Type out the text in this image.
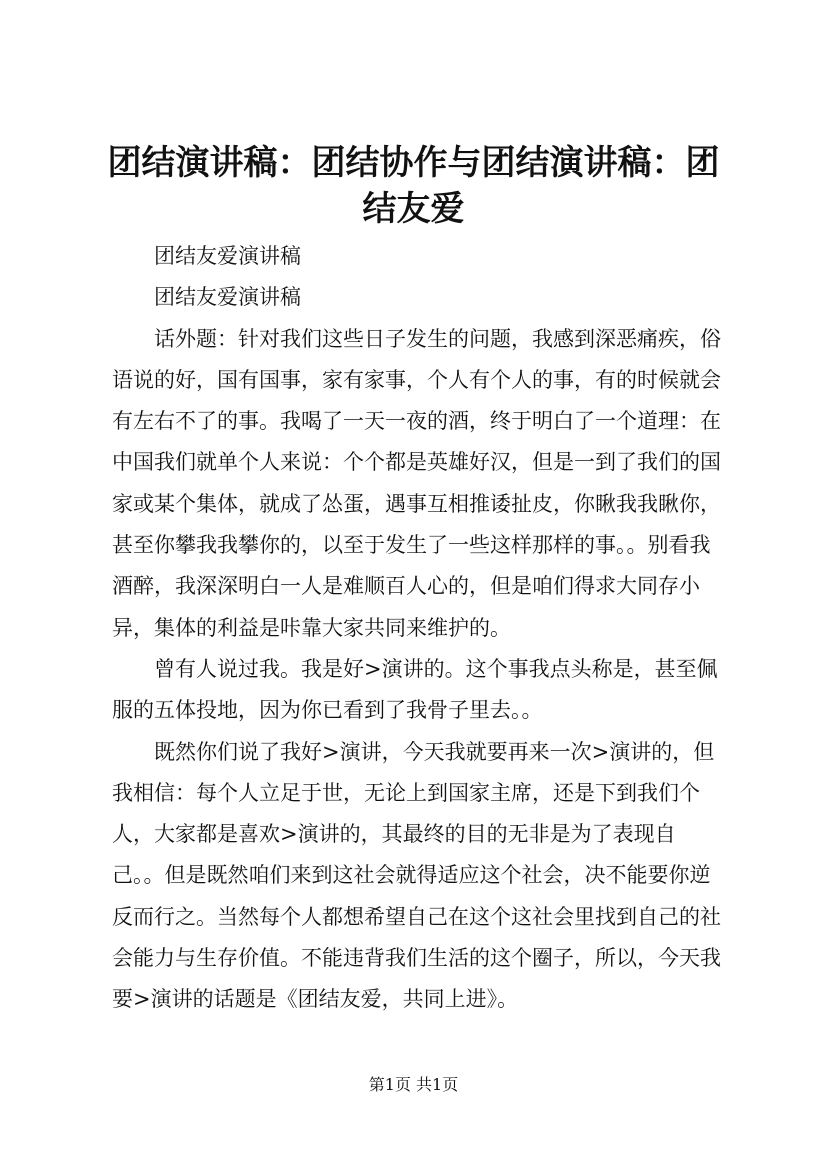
团结演讲稿：团结协作与团结演讲稿：团结友爱

团结友爱演讲稿

团结友爱演讲稿

话外题：针对我们这些日子发生的问题，我感到深恶痛疾，俗语说的好，国有国事，家有家事，个人有个人的事，有的时候就会有左右不了的事。我喝了一天一夜的酒，终于明白了一个道理：在中国我们就单个人来说：个个都是英雄好汉，但是一到了我们的国家或某个集体，就成了怂蛋，遇事互相推诿扯皮，你瞅我我瞅你，甚至你攀我我攀你的，以至于发生了一些这样那样的事。。别看我酒醉，我深深明白一人是难顺百人心的，但是咱们得求大同存小异，集体的利益是咔靠大家共同来维护的。

曾有人说过我。我是好>演讲的。这个事我点头称是，甚至佩服的五体投地，因为你已看到了我骨子里去。。

既然你们说了我好>演讲，今天我就要再来一次>演讲的，但我相信：每个人立足于世，无论上到国家主席，还是下到我们个人，大家都是喜欢>演讲的，其最终的目的无非是为了表现自己。。但是既然咱们来到这社会就得适应这个社会，决不能要你逆反而行之。当然每个人都想希望自己在这个这社会里找到自己的社会能力与生存价值。不能违背我们生活的这个圈子，所以，今天我要>演讲的话题是《团结友爱，共同上进》。

第1页 共1页
